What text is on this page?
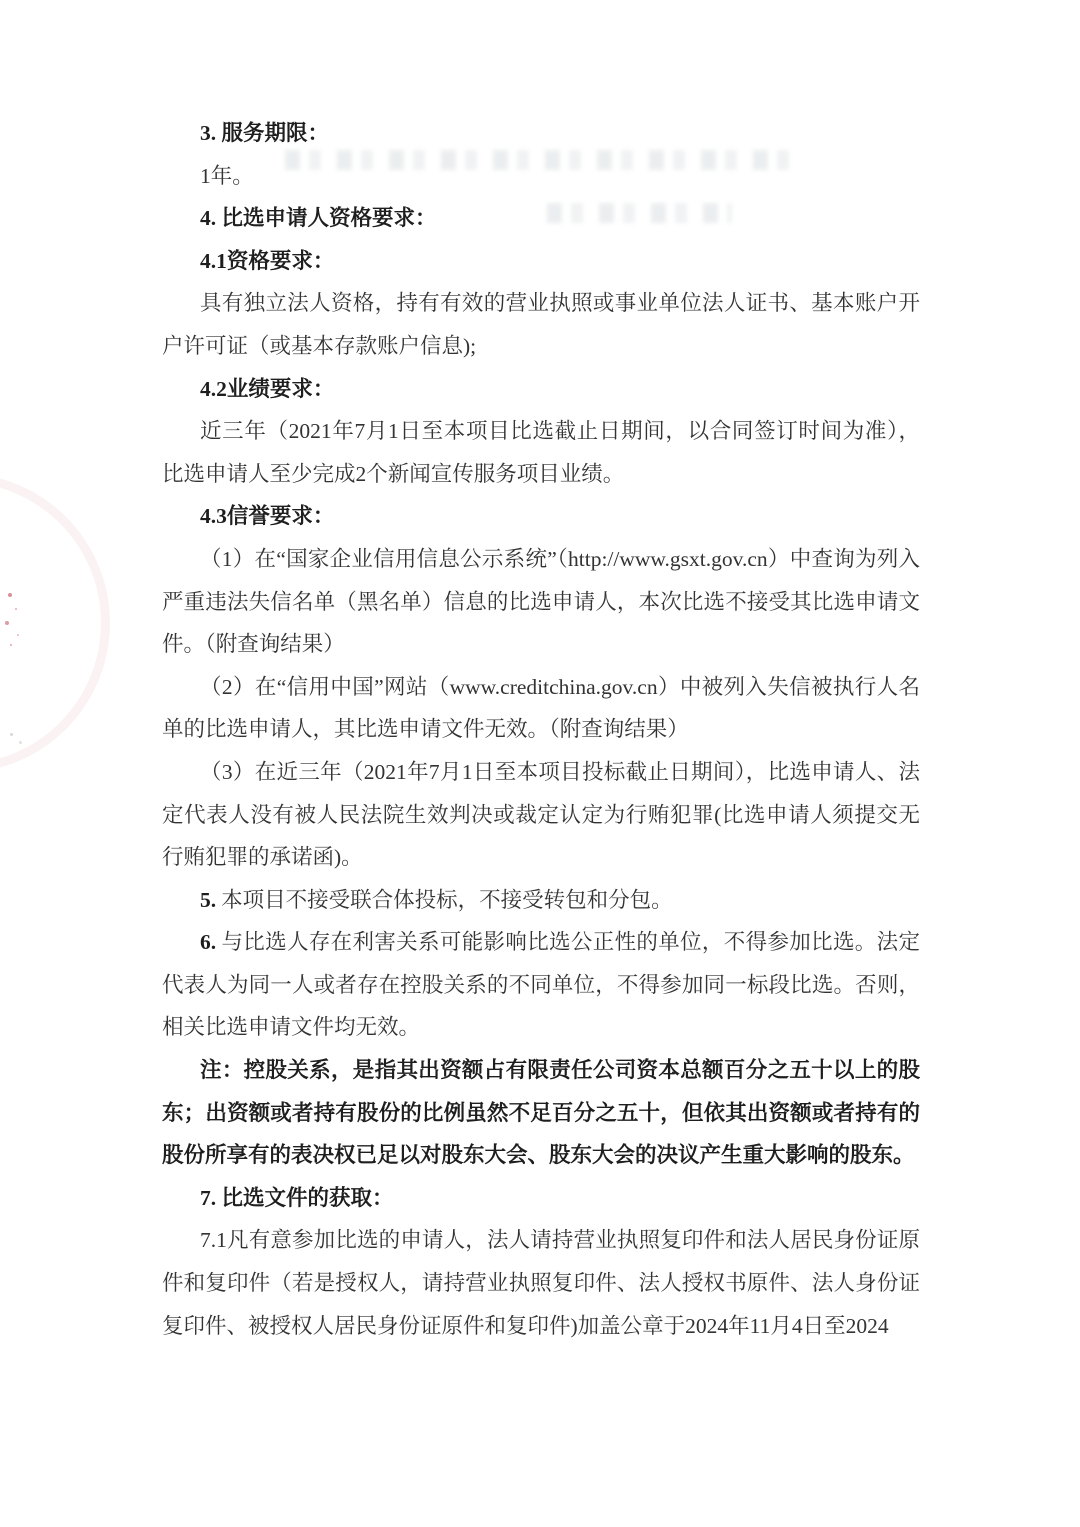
3. 服务期限：

1年。

4. 比选申请人资格要求：

4.1资格要求：

具有独立法人资格，持有有效的营业执照或事业单位法人证书、基本账户开户许可证（或基本存款账户信息);

4.2业绩要求：

近三年（2021年7月1日至本项目比选截止日期间，以合同签订时间为准），比选申请人至少完成2个新闻宣传服务项目业绩。

4.3信誉要求：

（1）在“国家企业信用信息公示系统”（http://www.gsxt.gov.cn）中查询为列入严重违法失信名单（黑名单）信息的比选申请人，本次比选不接受其比选申请文件。（附查询结果）

（2）在“信用中国”网站（www.creditchina.gov.cn）中被列入失信被执行人名单的比选申请人，其比选申请文件无效。（附查询结果）

（3）在近三年（2021年7月1日至本项目投标截止日期间），比选申请人、法定代表人没有被人民法院生效判决或裁定认定为行贿犯罪(比选申请人须提交无行贿犯罪的承诺函)。

5. 本项目不接受联合体投标，不接受转包和分包。

6. 与比选人存在利害关系可能影响比选公正性的单位，不得参加比选。法定代表人为同一人或者存在控股关系的不同单位，不得参加同一标段比选。否则，相关比选申请文件均无效。

注：控股关系，是指其出资额占有限责任公司资本总额百分之五十以上的股东；出资额或者持有股份的比例虽然不足百分之五十，但依其出资额或者持有的股份所享有的表决权已足以对股东大会、股东大会的决议产生重大影响的股东。

7. 比选文件的获取：

7.1凡有意参加比选的申请人，法人请持营业执照复印件和法人居民身份证原件和复印件（若是授权人，请持营业执照复印件、法人授权书原件、法人身份证复印件、被授权人居民身份证原件和复印件)加盖公章于2024年11月4日至2024
